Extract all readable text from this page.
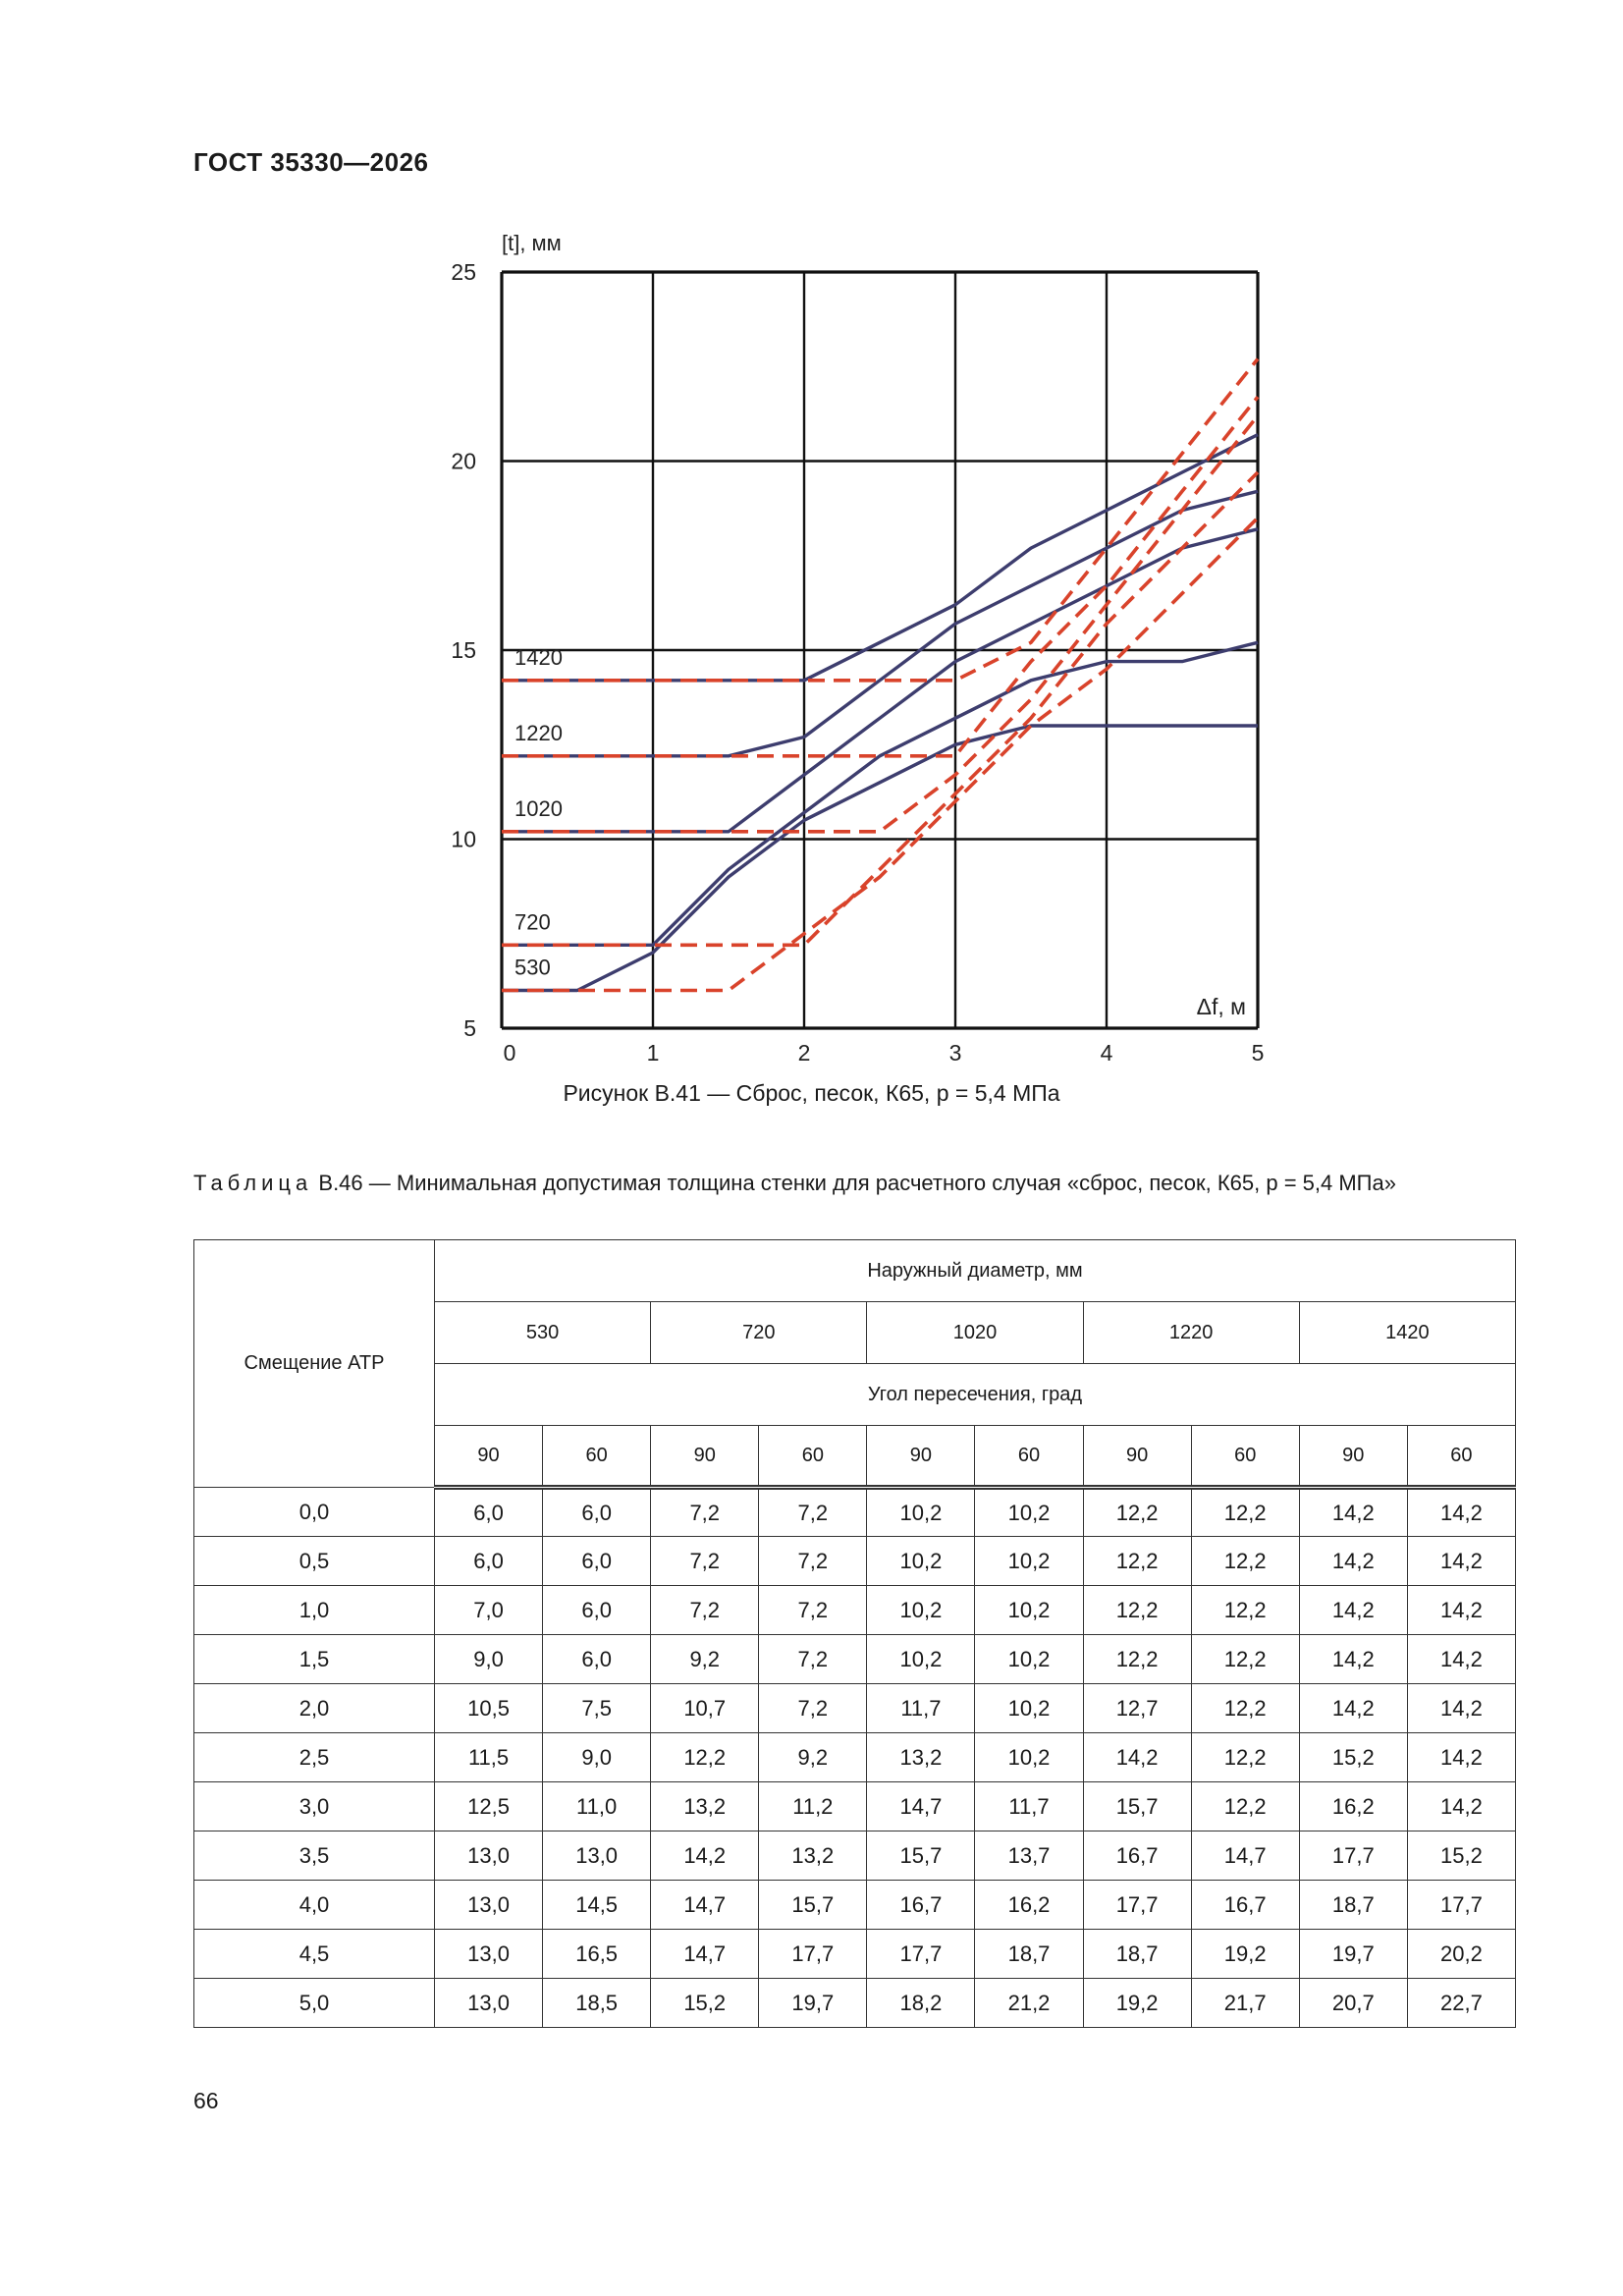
ГОСТ 35330—2026
0	1	2	3	4	5
5
10
15
20
25
530
720
1020
1220
1420
[t], мм
Δf, м
Рисунок В.41 — Сброс, песок, К65, р = 5,4 МПа
Таблица В.46 — Минимальная допустимая толщина стенки для расчетного случая «сброс, песок, К65, р = 5,4 МПа»
Смещение АТР	Наружный диаметр, мм									
	530		720		1020		1220		1420	
	Угол пересечения, град									
	90	60	90	60	90	60	90	60	90	60
0,0	6,0	6,0	7,2	7,2	10,2	10,2	12,2	12,2	14,2	14,2
0,5	6,0	6,0	7,2	7,2	10,2	10,2	12,2	12,2	14,2	14,2
1,0	7,0	6,0	7,2	7,2	10,2	10,2	12,2	12,2	14,2	14,2
1,5	9,0	6,0	9,2	7,2	10,2	10,2	12,2	12,2	14,2	14,2
2,0	10,5	7,5	10,7	7,2	11,7	10,2	12,7	12,2	14,2	14,2
2,5	11,5	9,0	12,2	9,2	13,2	10,2	14,2	12,2	15,2	14,2
3,0	12,5	11,0	13,2	11,2	14,7	11,7	15,7	12,2	16,2	14,2
3,5	13,0	13,0	14,2	13,2	15,7	13,7	16,7	14,7	17,7	15,2
4,0	13,0	14,5	14,7	15,7	16,7	16,2	17,7	16,7	18,7	17,7
4,5	13,0	16,5	14,7	17,7	17,7	18,7	18,7	19,2	19,7	20,2
5,0	13,0	18,5	15,2	19,7	18,2	21,2	19,2	21,7	20,7	22,7
66
